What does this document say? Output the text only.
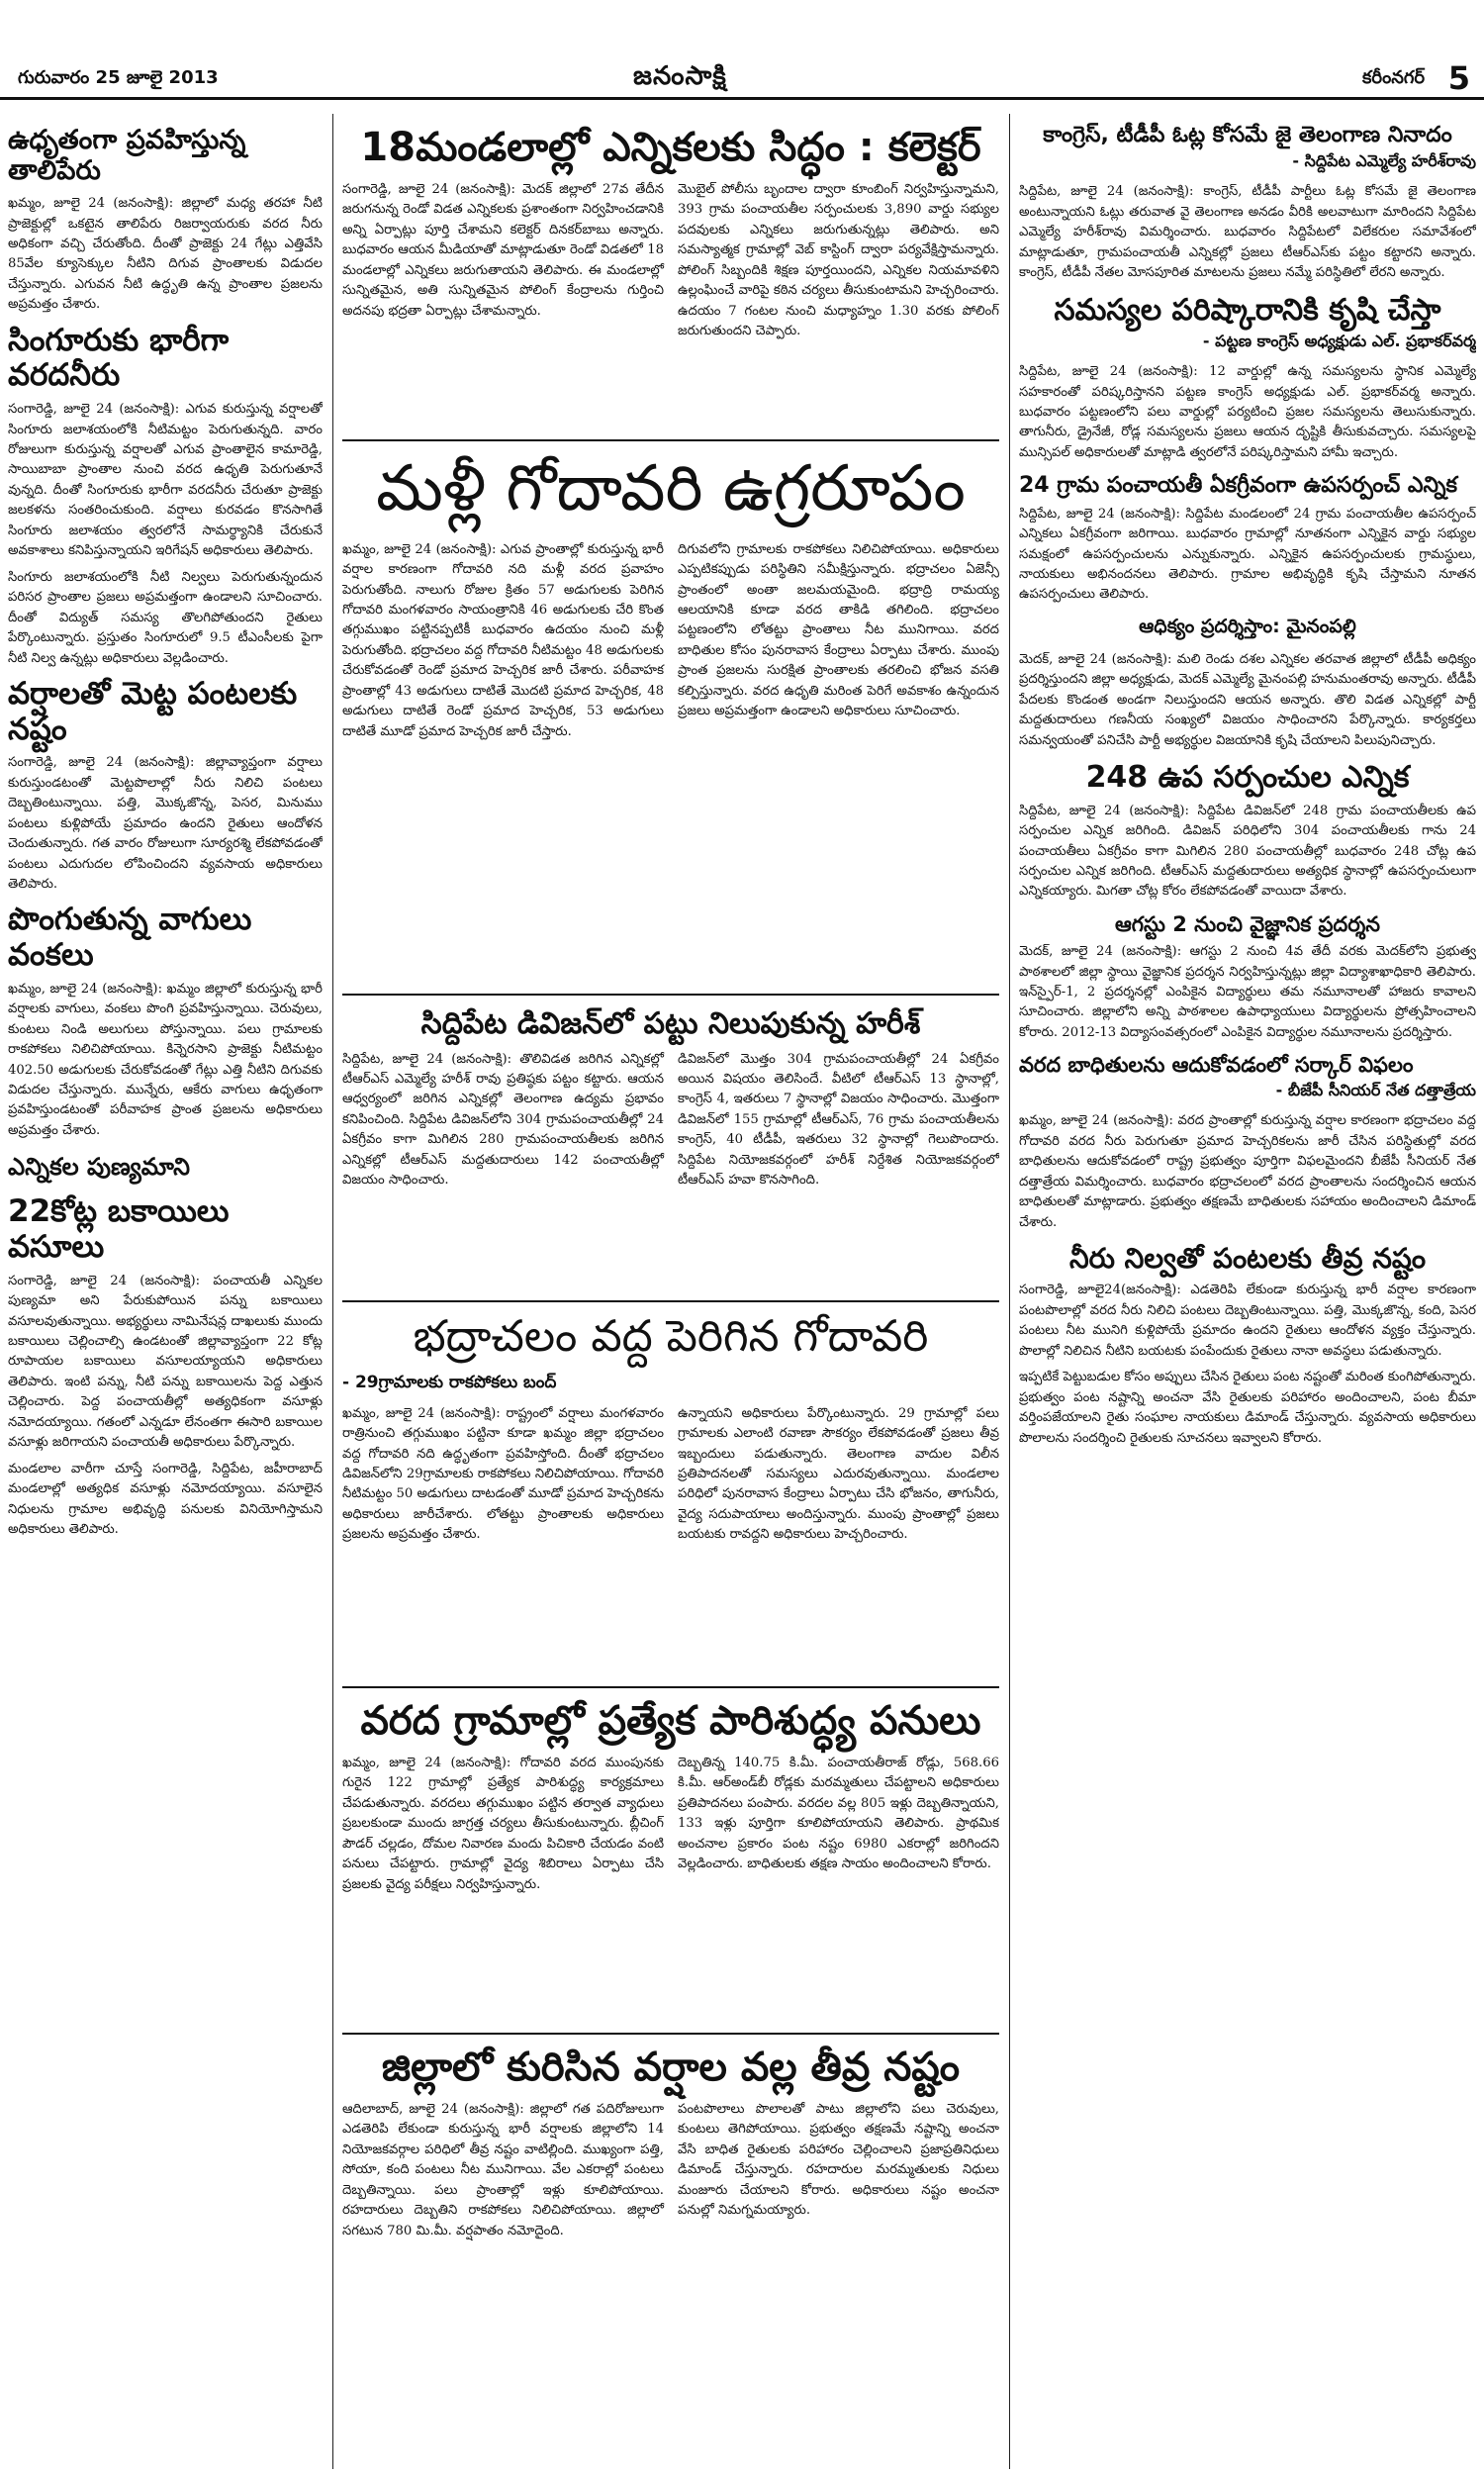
గురువారం 25 జూలై 2013	జనంసాక్షి	కరీంనగర్ 5
ఉధృతంగా ప్రవహిస్తున్న తాలిపేరు

ఖమ్మం, జూలై 24 (జనంసాక్షి): జిల్లాలో మధ్య తరహా నీటి ప్రాజెక్టుల్లో ఒకటైన తాలిపేరు రిజర్వాయరుకు వరద నీరు అధికంగా వచ్చి చేరుతోంది. దీంతో ప్రాజెక్టు 24 గేట్లు ఎత్తివేసి 85వేల క్యూసెక్కుల నీటిని దిగువ ప్రాంతాలకు విడుదల చేస్తున్నారు. ఎగువన నీటి ఉద్ధృతి ఉన్న ప్రాంతాల ప్రజలను అప్రమత్తం చేశారు.

సింగూరుకు భారీగా వరదనీరు

సంగారెడ్డి, జూలై 24 (జనంసాక్షి): ఎగువ కురుస్తున్న వర్షాలతో సింగూరు జలాశయంలోకి నీటిమట్టం పెరుగుతున్నది. వారం రోజులుగా కురుస్తున్న వర్షాలతో ఎగువ ప్రాంతాలైన కామారెడ్డి, సాయిబాబా ప్రాంతాల నుంచి వరద ఉధృతి పెరుగుతూనే వున్నది. దీంతో సింగూరుకు భారీగా వరదనీరు చేరుతూ ప్రాజెక్టు జలకళను సంతరించుకుంది. వర్షాలు కురవడం కొనసాగితే సింగూరు జలాశయం త్వరలోనే సామర్థ్యానికి చేరుకునే అవకాశాలు కనిపిస్తున్నాయని ఇరిగేషన్ అధికారులు తెలిపారు.

సింగూరు జలాశయంలోకి నీటి నిల్వలు పెరుగుతున్నందున పరిసర ప్రాంతాల ప్రజలు అప్రమత్తంగా ఉండాలని సూచించారు. దీంతో విద్యుత్ సమస్య తొలగిపోతుందని రైతులు పేర్కొంటున్నారు. ప్రస్తుతం సింగూరులో 9.5 టీఎంసీలకు పైగా నీటి నిల్వ ఉన్నట్లు అధికారులు వెల్లడించారు.

వర్షాలతో మెట్ట పంటలకు నష్టం

సంగారెడ్డి, జూలై 24 (జనంసాక్షి): జిల్లావ్యాప్తంగా వర్షాలు కురుస్తుండటంతో మెట్టపొలాల్లో నీరు నిలిచి పంటలు దెబ్బతింటున్నాయి. పత్తి, మొక్కజొన్న, పెసర, మినుము పంటలు కుళ్లిపోయే ప్రమాదం ఉందని రైతులు ఆందోళన చెందుతున్నారు. గత వారం రోజులుగా సూర్యరశ్మి లేకపోవడంతో పంటలు ఎదుగుదల లోపించిందని వ్యవసాయ అధికారులు తెలిపారు.

పొంగుతున్న వాగులు వంకలు

ఖమ్మం, జూలై 24 (జనంసాక్షి): ఖమ్మం జిల్లాలో కురుస్తున్న భారీ వర్షాలకు వాగులు, వంకలు పొంగి ప్రవహిస్తున్నాయి. చెరువులు, కుంటలు నిండి అలుగులు పోస్తున్నాయి. పలు గ్రామాలకు రాకపోకలు నిలిచిపోయాయి. కిన్నెరసాని ప్రాజెక్టు నీటిమట్టం 402.50 అడుగులకు చేరుకోవడంతో గేట్లు ఎత్తి నీటిని దిగువకు విడుదల చేస్తున్నారు. మున్నేరు, ఆకేరు వాగులు ఉధృతంగా ప్రవహిస్తుండటంతో పరీవాహక ప్రాంత ప్రజలను అధికారులు అప్రమత్తం చేశారు.

ఎన్నికల పుణ్యమాని
22కోట్ల బకాయిలు వసూలు

సంగారెడ్డి, జూలై 24 (జనంసాక్షి): పంచాయతీ ఎన్నికల పుణ్యమా అని పేరుకుపోయిన పన్ను బకాయిలు వసూలవుతున్నాయి. అభ్యర్థులు నామినేషన్ల దాఖలుకు ముందు బకాయిలు చెల్లించాల్సి ఉండటంతో జిల్లావ్యాప్తంగా 22 కోట్ల రూపాయల బకాయిలు వసూలయ్యాయని అధికారులు తెలిపారు. ఇంటి పన్ను, నీటి పన్ను బకాయిలను పెద్ద ఎత్తున చెల్లించారు. పెద్ద పంచాయతీల్లో అత్యధికంగా వసూళ్లు నమోదయ్యాయి. గతంలో ఎన్నడూ లేనంతగా ఈసారి బకాయిల వసూళ్లు జరిగాయని పంచాయతీ అధికారులు పేర్కొన్నారు.

మండలాల వారీగా చూస్తే సంగారెడ్డి, సిద్దిపేట, జహీరాబాద్ మండలాల్లో అత్యధిక వసూళ్లు నమోదయ్యాయి. వసూలైన నిధులను గ్రామాల అభివృద్ధి పనులకు వినియోగిస్తామని అధికారులు తెలిపారు.

18మండలాల్లో ఎన్నికలకు సిద్ధం : కలెక్టర్

సంగారెడ్డి, జూలై 24 (జనంసాక్షి): మెదక్ జిల్లాలో 27వ తేదీన జరుగనున్న రెండో విడత ఎన్నికలకు ప్రశాంతంగా నిర్వహించడానికి అన్ని ఏర్పాట్లు పూర్తి చేశామని కలెక్టర్ దినకర్‌బాబు అన్నారు. బుధవారం ఆయన మీడియాతో మాట్లాడుతూ రెండో విడతలో 18 మండలాల్లో ఎన్నికలు జరుగుతాయని తెలిపారు. ఈ మండలాల్లో సున్నితమైన, అతి సున్నితమైన పోలింగ్ కేంద్రాలను గుర్తించి అదనపు భద్రతా ఏర్పాట్లు చేశామన్నారు.

మొబైల్ పోలీసు బృందాల ద్వారా కూంబింగ్ నిర్వహిస్తున్నామని, 393 గ్రామ పంచాయతీల సర్పంచులకు 3,890 వార్డు సభ్యుల పదవులకు ఎన్నికలు జరుగుతున్నట్లు తెలిపారు. అని సమస్యాత్మక గ్రామాల్లో వెబ్ కాస్టింగ్ ద్వారా పర్యవేక్షిస్తామన్నారు. పోలింగ్ సిబ్బందికి శిక్షణ పూర్తయిందని, ఎన్నికల నియమావళిని ఉల్లంఘించే వారిపై కఠిన చర్యలు తీసుకుంటామని హెచ్చరించారు. ఉదయం 7 గంటల నుంచి మధ్యాహ్నం 1.30 వరకు పోలింగ్ జరుగుతుందని చెప్పారు.

మళ్లీ గోదావరి ఉగ్రరూపం

ఖమ్మం, జూలై 24 (జనంసాక్షి): ఎగువ ప్రాంతాల్లో కురుస్తున్న భారీ వర్షాల కారణంగా గోదావరి నది మళ్లీ వరద ప్రవాహం పెరుగుతోంది. నాలుగు రోజుల క్రితం 57 అడుగులకు పెరిగిన గోదావరి మంగళవారం సాయంత్రానికి 46 అడుగులకు చేరి కొంత తగ్గుముఖం పట్టినప్పటికీ బుధవారం ఉదయం నుంచి మళ్లీ పెరుగుతోంది. భద్రాచలం వద్ద గోదావరి నీటిమట్టం 48 అడుగులకు చేరుకోవడంతో రెండో ప్రమాద హెచ్చరిక జారీ చేశారు. పరీవాహక ప్రాంతాల్లో 43 అడుగులు దాటితే మొదటి ప్రమాద హెచ్చరిక, 48 అడుగులు దాటితే రెండో ప్రమాద హెచ్చరిక, 53 అడుగులు దాటితే మూడో ప్రమాద హెచ్చరిక జారీ చేస్తారు.

దిగువలోని గ్రామాలకు రాకపోకలు నిలిచిపోయాయి. అధికారులు ఎప్పటికప్పుడు పరిస్థితిని సమీక్షిస్తున్నారు. భద్రాచలం ఏజెన్సీ ప్రాంతంలో అంతా జలమయమైంది. భద్రాద్రి రామయ్య ఆలయానికి కూడా వరద తాకిడి తగిలింది. భద్రాచలం పట్టణంలోని లోతట్టు ప్రాంతాలు నీట మునిగాయి. వరద బాధితుల కోసం పునరావాస కేంద్రాలు ఏర్పాటు చేశారు. ముంపు ప్రాంత ప్రజలను సురక్షిత ప్రాంతాలకు తరలించి భోజన వసతి కల్పిస్తున్నారు. వరద ఉధృతి మరింత పెరిగే అవకాశం ఉన్నందున ప్రజలు అప్రమత్తంగా ఉండాలని అధికారులు సూచించారు.

సిద్దిపేట డివిజన్‌లో పట్టు నిలుపుకున్న హరీశ్

సిద్దిపేట, జూలై 24 (జనంసాక్షి): తొలివిడత జరిగిన ఎన్నికల్లో టీఆర్‌ఎస్ ఎమ్మెల్యే హరీశ్ రావు ప్రతిష్ఠకు పట్టం కట్టారు. ఆయన ఆధ్వర్యంలో జరిగిన ఎన్నికల్లో తెలంగాణ ఉద్యమ ప్రభావం కనిపించింది. సిద్దిపేట డివిజన్‌లోని 304 గ్రామపంచాయతీల్లో 24 ఏకగ్రీవం కాగా మిగిలిన 280 గ్రామపంచాయతీలకు జరిగిన ఎన్నికల్లో టీఆర్‌ఎస్ మద్దతుదారులు 142 పంచాయతీల్లో విజయం సాధించారు.

డివిజన్‌లో మొత్తం 304 గ్రామపంచాయతీల్లో 24 ఏకగ్రీవం అయిన విషయం తెలిసిందే. వీటిలో టీఆర్‌ఎస్ 13 స్థానాల్లో, కాంగ్రెస్ 4, ఇతరులు 7 స్థానాల్లో విజయం సాధించారు. మొత్తంగా డివిజన్‌లో 155 గ్రామాల్లో టీఆర్‌ఎస్, 76 గ్రామ పంచాయతీలను కాంగ్రెస్, 40 టీడీపీ, ఇతరులు 32 స్థానాల్లో గెలుపొందారు. సిద్దిపేట నియోజకవర్గంలో హరీశ్ నిర్దేశిత నియోజకవర్గంలో టీఆర్‌ఎస్ హవా కొనసాగింది.

భద్రాచలం వద్ద పెరిగిన గోదావరి
- 29గ్రామాలకు రాకపోకలు బంద్

ఖమ్మం, జూలై 24 (జనంసాక్షి): రాష్ట్రంలో వర్షాలు మంగళవారం రాత్రినుంచి తగ్గుముఖం పట్టినా కూడా ఖమ్మం జిల్లా భద్రాచలం వద్ద గోదావరి నది ఉద్ధృతంగా ప్రవహిస్తోంది. దీంతో భద్రాచలం డివిజన్‌లోని 29గ్రామాలకు రాకపోకలు నిలిచిపోయాయి. గోదావరి నీటిమట్టం 50 అడుగులు దాటడంతో మూడో ప్రమాద హెచ్చరికను అధికారులు జారీచేశారు. లోతట్టు ప్రాంతాలకు అధికారులు ప్రజలను అప్రమత్తం చేశారు.

ఉన్నాయని అధికారులు పేర్కొంటున్నారు. 29 గ్రామాల్లో పలు గ్రామాలకు ఎలాంటి రవాణా సౌకర్యం లేకపోవడంతో ప్రజలు తీవ్ర ఇబ్బందులు పడుతున్నారు. తెలంగాణ వాదుల విలీన ప్రతిపాదనలతో సమస్యలు ఎదురవుతున్నాయి. మండలాల పరిధిలో పునరావాస కేంద్రాలు ఏర్పాటు చేసి భోజనం, తాగునీరు, వైద్య సదుపాయాలు అందిస్తున్నారు. ముంపు ప్రాంతాల్లో ప్రజలు బయటకు రావద్దని అధికారులు హెచ్చరించారు.

వరద గ్రామాల్లో ప్రత్యేక పారిశుద్ధ్య పనులు

ఖమ్మం, జూలై 24 (జనంసాక్షి): గోదావరి వరద ముంపునకు గురైన 122 గ్రామాల్లో ప్రత్యేక పారిశుద్ధ్య కార్యక్రమాలు చేపడుతున్నారు. వరదలు తగ్గుముఖం పట్టిన తర్వాత వ్యాధులు ప్రబలకుండా ముందు జాగ్రత్త చర్యలు తీసుకుంటున్నారు. బ్లీచింగ్ పౌడర్ చల్లడం, దోమల నివారణ మందు పిచికారి చేయడం వంటి పనులు చేపట్టారు. గ్రామాల్లో వైద్య శిబిరాలు ఏర్పాటు చేసి ప్రజలకు వైద్య పరీక్షలు నిర్వహిస్తున్నారు.

దెబ్బతిన్న 140.75 కి.మీ. పంచాయతీరాజ్ రోడ్లు, 568.66 కి.మీ. ఆర్‌అండ్‌బీ రోడ్లకు మరమ్మతులు చేపట్టాలని అధికారులు ప్రతిపాదనలు పంపారు. వరదల వల్ల 805 ఇళ్లు దెబ్బతిన్నాయని, 133 ఇళ్లు పూర్తిగా కూలిపోయాయని తెలిపారు. ప్రాథమిక అంచనాల ప్రకారం పంట నష్టం 6980 ఎకరాల్లో జరిగిందని వెల్లడించారు. బాధితులకు తక్షణ సాయం అందించాలని కోరారు.

జిల్లాలో కురిసిన వర్షాల వల్ల తీవ్ర నష్టం

ఆదిలాబాద్, జూలై 24 (జనంసాక్షి): జిల్లాలో గత పదిరోజులుగా ఎడతెరిపి లేకుండా కురుస్తున్న భారీ వర్షాలకు జిల్లాలోని 14 నియోజకవర్గాల పరిధిలో తీవ్ర నష్టం వాటిల్లింది. ముఖ్యంగా పత్తి, సోయా, కంది పంటలు నీట మునిగాయి. వేల ఎకరాల్లో పంటలు దెబ్బతిన్నాయి. పలు ప్రాంతాల్లో ఇళ్లు కూలిపోయాయి. రహదారులు దెబ్బతిని రాకపోకలు నిలిచిపోయాయి. జిల్లాలో సగటున 780 మి.మీ. వర్షపాతం నమోదైంది.

పంటపొలాలు పొలాలతో పాటు జిల్లాలోని పలు చెరువులు, కుంటలు తెగిపోయాయి. ప్రభుత్వం తక్షణమే నష్టాన్ని అంచనా వేసి బాధిత రైతులకు పరిహారం చెల్లించాలని ప్రజాప్రతినిధులు డిమాండ్ చేస్తున్నారు. రహదారుల మరమ్మతులకు నిధులు మంజూరు చేయాలని కోరారు. అధికారులు నష్టం అంచనా పనుల్లో నిమగ్నమయ్యారు.

కాంగ్రెస్, టీడీపీ ఓట్ల కోసమే జై తెలంగాణ నినాదం
- సిద్దిపేట ఎమ్మెల్యే హరీశ్‌రావు

సిద్దిపేట, జూలై 24 (జనంసాక్షి): కాంగ్రెస్, టీడీపీ పార్టీలు ఓట్ల కోసమే జై తెలంగాణ అంటున్నాయని ఓట్లు తరువాత వై తెలంగాణ అనడం వీరికి అలవాటుగా మారిందని సిద్దిపేట ఎమ్మెల్యే హరీశ్‌రావు విమర్శించారు. బుధవారం సిద్దిపేటలో విలేకరుల సమావేశంలో మాట్లాడుతూ, గ్రామపంచాయతీ ఎన్నికల్లో ప్రజలు టీఆర్‌ఎస్‌కు పట్టం కట్టారని అన్నారు. కాంగ్రెస్, టీడీపీ నేతల మోసపూరిత మాటలను ప్రజలు నమ్మే పరిస్థితిలో లేరని అన్నారు.

సమస్యల పరిష్కారానికి కృషి చేస్తా
- పట్టణ కాంగ్రెస్ అధ్యక్షుడు ఎల్. ప్రభాకర్‌వర్మ

సిద్దిపేట, జూలై 24 (జనంసాక్షి): 12 వార్డుల్లో ఉన్న సమస్యలను స్థానిక ఎమ్మెల్యే సహకారంతో పరిష్కరిస్తానని పట్టణ కాంగ్రెస్ అధ్యక్షుడు ఎల్. ప్రభాకర్‌వర్మ అన్నారు. బుధవారం పట్టణంలోని పలు వార్డుల్లో పర్యటించి ప్రజల సమస్యలను తెలుసుకున్నారు. తాగునీరు, డ్రైనేజీ, రోడ్ల సమస్యలను ప్రజలు ఆయన దృష్టికి తీసుకువచ్చారు. సమస్యలపై మున్సిపల్ అధికారులతో మాట్లాడి త్వరలోనే పరిష్కరిస్తామని హామీ ఇచ్చారు.

24 గ్రామ పంచాయతీ ఏకగ్రీవంగా ఉపసర్పంచ్ ఎన్నిక

సిద్దిపేట, జూలై 24 (జనంసాక్షి): సిద్దిపేట మండలంలో 24 గ్రామ పంచాయతీల ఉపసర్పంచ్ ఎన్నికలు ఏకగ్రీవంగా జరిగాయి. బుధవారం గ్రామాల్లో నూతనంగా ఎన్నికైన వార్డు సభ్యుల సమక్షంలో ఉపసర్పంచులను ఎన్నుకున్నారు. ఎన్నికైన ఉపసర్పంచులకు గ్రామస్థులు, నాయకులు అభినందనలు తెలిపారు. గ్రామాల అభివృద్ధికి కృషి చేస్తామని నూతన ఉపసర్పంచులు తెలిపారు.

ఆధిక్యం ప్రదర్శిస్తాం: మైనంపల్లి

మెదక్, జూలై 24 (జనంసాక్షి): మలి రెండు దశల ఎన్నికల తరవాత జిల్లాలో టీడీపీ అధిక్యం ప్రదర్శిస్తుందని జిల్లా అధ్యక్షుడు, మెదక్ ఎమ్మెల్యే మైనంపల్లి హనుమంతరావు అన్నారు. టీడీపీ పేదలకు కొండంత అండగా నిలుస్తుందని ఆయన అన్నారు. తొలి విడత ఎన్నికల్లో పార్టీ మద్దతుదారులు గణనీయ సంఖ్యలో విజయం సాధించారని పేర్కొన్నారు. కార్యకర్తలు సమన్వయంతో పనిచేసి పార్టీ అభ్యర్థుల విజయానికి కృషి చేయాలని పిలుపునిచ్చారు.

248 ఉప సర్పంచుల ఎన్నిక

సిద్దిపేట, జూలై 24 (జనంసాక్షి): సిద్దిపేట డివిజన్‌లో 248 గ్రామ పంచాయతీలకు ఉప సర్పంచుల ఎన్నిక జరిగింది. డివిజన్ పరిధిలోని 304 పంచాయతీలకు గాను 24 పంచాయతీలు ఏకగ్రీవం కాగా మిగిలిన 280 పంచాయతీల్లో బుధవారం 248 చోట్ల ఉప సర్పంచుల ఎన్నిక జరిగింది. టీఆర్‌ఎస్ మద్దతుదారులు అత్యధిక స్థానాల్లో ఉపసర్పంచులుగా ఎన్నికయ్యారు. మిగతా చోట్ల కోరం లేకపోవడంతో వాయిదా వేశారు.

ఆగస్టు 2 నుంచి వైజ్ఞానిక ప్రదర్శన

మెదక్, జూలై 24 (జనంసాక్షి): ఆగస్టు 2 నుంచి 4వ తేదీ వరకు మెదక్‌లోని ప్రభుత్వ పాఠశాలలో జిల్లా స్థాయి వైజ్ఞానిక ప్రదర్శన నిర్వహిస్తున్నట్లు జిల్లా విద్యాశాఖాధికారి తెలిపారు. ఇన్‌స్పైర్-1, 2 ప్రదర్శనల్లో ఎంపికైన విద్యార్థులు తమ నమూనాలతో హాజరు కావాలని సూచించారు. జిల్లాలోని అన్ని పాఠశాలల ఉపాధ్యాయులు విద్యార్థులను ప్రోత్సహించాలని కోరారు. 2012-13 విద్యాసంవత్సరంలో ఎంపికైన విద్యార్థుల నమూనాలను ప్రదర్శిస్తారు.

వరద బాధితులను ఆదుకోవడంలో సర్కార్ విఫలం
- బీజేపీ సీనియర్ నేత దత్తాత్రేయ

ఖమ్మం, జూలై 24 (జనంసాక్షి): వరద ప్రాంతాల్లో కురుస్తున్న వర్షాల కారణంగా భద్రాచలం వద్ద గోదావరి వరద నీరు పెరుగుతూ ప్రమాద హెచ్చరికలను జారీ చేసిన పరిస్థితుల్లో వరద బాధితులను ఆదుకోవడంలో రాష్ట్ర ప్రభుత్వం పూర్తిగా విఫలమైందని బీజేపీ సీనియర్ నేత దత్తాత్రేయ విమర్శించారు. బుధవారం భద్రాచలంలో వరద ప్రాంతాలను సందర్శించిన ఆయన బాధితులతో మాట్లాడారు. ప్రభుత్వం తక్షణమే బాధితులకు సహాయం అందించాలని డిమాండ్ చేశారు.

నీరు నిల్వతో పంటలకు తీవ్ర నష్టం

సంగారెడ్డి, జూలై24(జనంసాక్షి): ఎడతెరిపి లేకుండా కురుస్తున్న భారీ వర్షాల కారణంగా పంటపొలాల్లో వరద నీరు నిలిచి పంటలు దెబ్బతింటున్నాయి. పత్తి, మొక్కజొన్న, కంది, పెసర పంటలు నీట మునిగి కుళ్లిపోయే ప్రమాదం ఉందని రైతులు ఆందోళన వ్యక్తం చేస్తున్నారు. పొలాల్లో నిలిచిన నీటిని బయటకు పంపేందుకు రైతులు నానా అవస్థలు పడుతున్నారు.

ఇప్పటికే పెట్టుబడుల కోసం అప్పులు చేసిన రైతులు పంట నష్టంతో మరింత కుంగిపోతున్నారు. ప్రభుత్వం పంట నష్టాన్ని అంచనా వేసి రైతులకు పరిహారం అందించాలని, పంట బీమా వర్తింపజేయాలని రైతు సంఘాల నాయకులు డిమాండ్ చేస్తున్నారు. వ్యవసాయ అధికారులు పొలాలను సందర్శించి రైతులకు సూచనలు ఇవ్వాలని కోరారు.
